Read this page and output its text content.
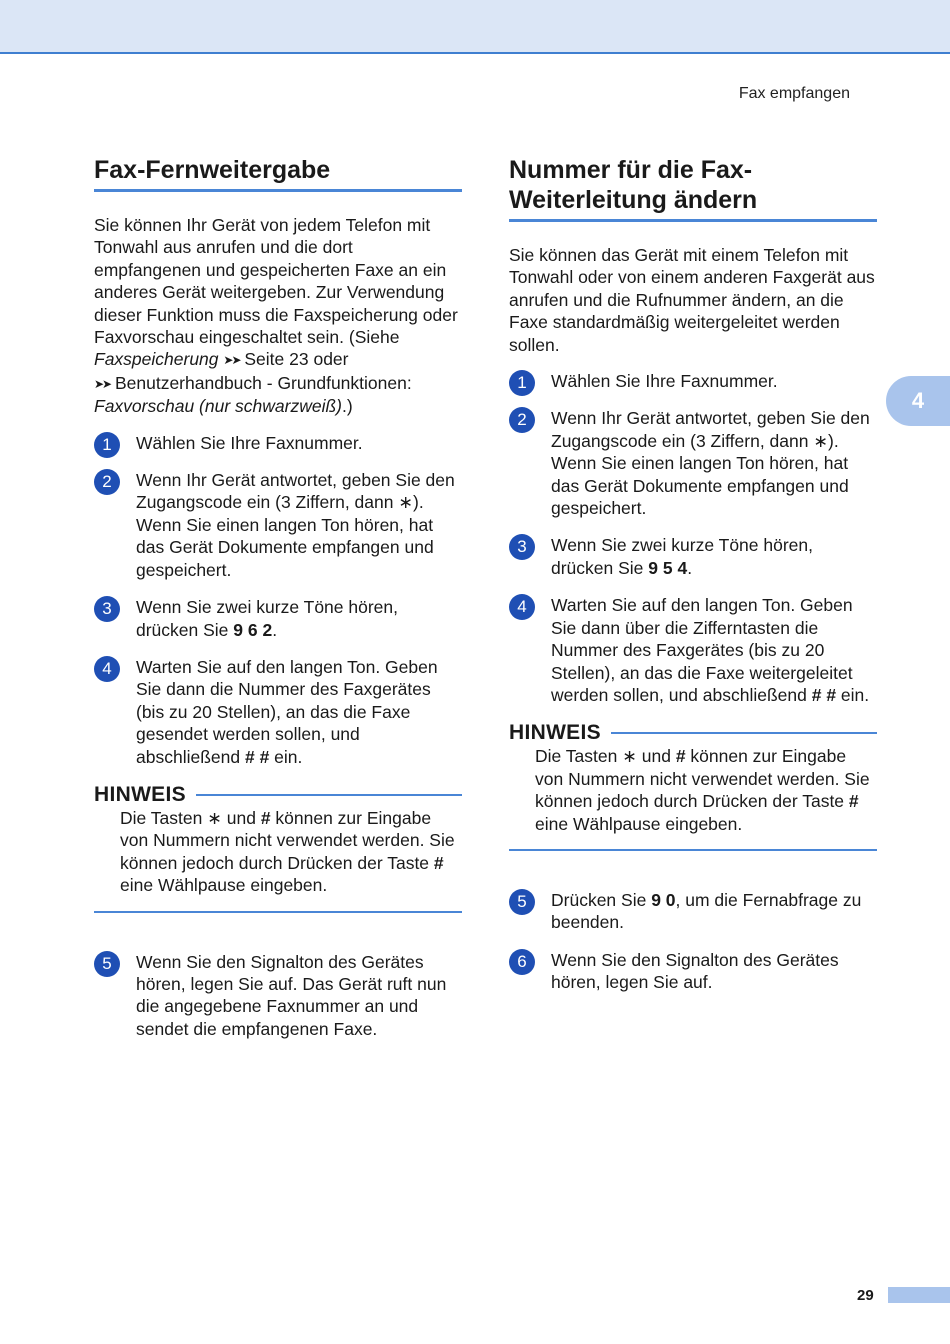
Fax empfangen
4
Fax-Fernweitergabe

Sie können Ihr Gerät von jedem Telefon mit Tonwahl aus anrufen und die dort empfangenen und gespeicherten Faxe an ein anderes Gerät weitergeben. Zur Verwendung dieser Funktion muss die Faxspeicherung oder Faxvorschau eingeschaltet sein. (Siehe Faxspeicherung ➤➤ Seite 23 oder
➤➤ Benutzerhandbuch - Grundfunktionen: Faxvorschau (nur schwarzweiß).)

1	Wählen Sie Ihre Faxnummer.
2	Wenn Ihr Gerät antwortet, geben Sie den Zugangscode ein (3 Ziffern, dann ∗). Wenn Sie einen langen Ton hören, hat das Gerät Dokumente empfangen und gespeichert.
3	Wenn Sie zwei kurze Töne hören, drücken Sie 9 6 2.
4	Warten Sie auf den langen Ton. Geben Sie dann die Nummer des Faxgerätes (bis zu 20 Stellen), an das die Faxe gesendet werden sollen, und abschließend # # ein.
HINWEIS
Die Tasten ∗ und # können zur Eingabe von Nummern nicht verwendet werden. Sie können jedoch durch Drücken der Taste # eine Wählpause eingeben.
5	Wenn Sie den Signalton des Gerätes hören, legen Sie auf. Das Gerät ruft nun die angegebene Faxnummer an und sendet die empfangenen Faxe.
Nummer für die Fax-Weiterleitung ändern

Sie können das Gerät mit einem Telefon mit Tonwahl oder von einem anderen Faxgerät aus anrufen und die Rufnummer ändern, an die Faxe standardmäßig weitergeleitet werden sollen.

1	Wählen Sie Ihre Faxnummer.
2	Wenn Ihr Gerät antwortet, geben Sie den Zugangscode ein (3 Ziffern, dann ∗). Wenn Sie einen langen Ton hören, hat das Gerät Dokumente empfangen und gespeichert.
3	Wenn Sie zwei kurze Töne hören, drücken Sie 9 5 4.
4	Warten Sie auf den langen Ton. Geben Sie dann über die Zifferntasten die Nummer des Faxgerätes (bis zu 20 Stellen), an das die Faxe weitergeleitet werden sollen, und abschließend # # ein.
HINWEIS
Die Tasten ∗ und # können zur Eingabe von Nummern nicht verwendet werden. Sie können jedoch durch Drücken der Taste # eine Wählpause eingeben.
5	Drücken Sie 9 0, um die Fernabfrage zu beenden.
6	Wenn Sie den Signalton des Gerätes hören, legen Sie auf.
29
